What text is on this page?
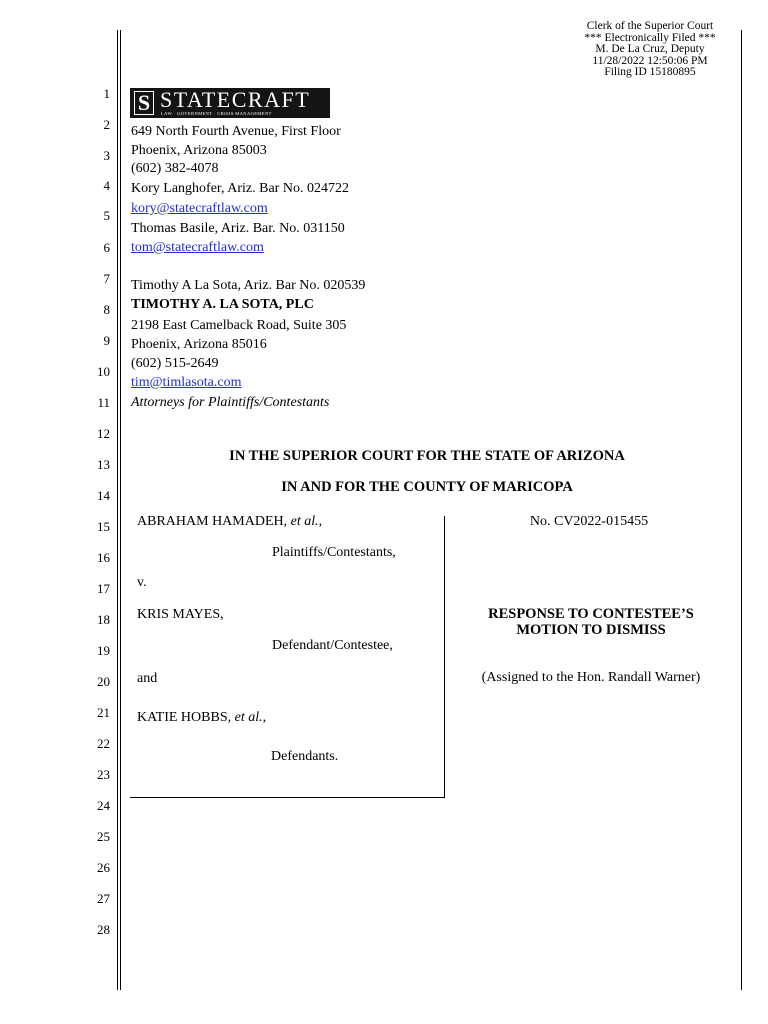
Clerk of the Superior Court
*** Electronically Filed ***
M. De La Cruz, Deputy
11/28/2022 12:50:06 PM
Filing ID 15180895
1
2
3
4
5
6
7
8
9
10
11
12
13
14
15
16
17
18
19
20
21
22
23
24
25
26
27
28
S STATECRAFT
LAW · GOVERNMENT · CRISIS MANAGEMENT
649 North Fourth Avenue, First Floor
Phoenix, Arizona 85003
(602) 382-4078
Kory Langhofer, Ariz. Bar No. 024722
kory@statecraftlaw.com
Thomas Basile, Ariz. Bar. No. 031150
tom@statecraftlaw.com
Timothy A La Sota, Ariz. Bar No. 020539
TIMOTHY A. LA SOTA, PLC
2198 East Camelback Road, Suite 305
Phoenix, Arizona 85016
(602) 515-2649
tim@timlasota.com
Attorneys for Plaintiffs/Contestants
IN THE SUPERIOR COURT FOR THE STATE OF ARIZONA
IN AND FOR THE COUNTY OF MARICOPA
ABRAHAM HAMADEH, et al.,
Plaintiffs/Contestants,
v.
KRIS MAYES,
Defendant/Contestee,
and
KATIE HOBBS, et al.,
Defendants.
No. CV2022-015455
RESPONSE TO CONTESTEE’S
MOTION TO DISMISS
(Assigned to the Hon. Randall Warner)
